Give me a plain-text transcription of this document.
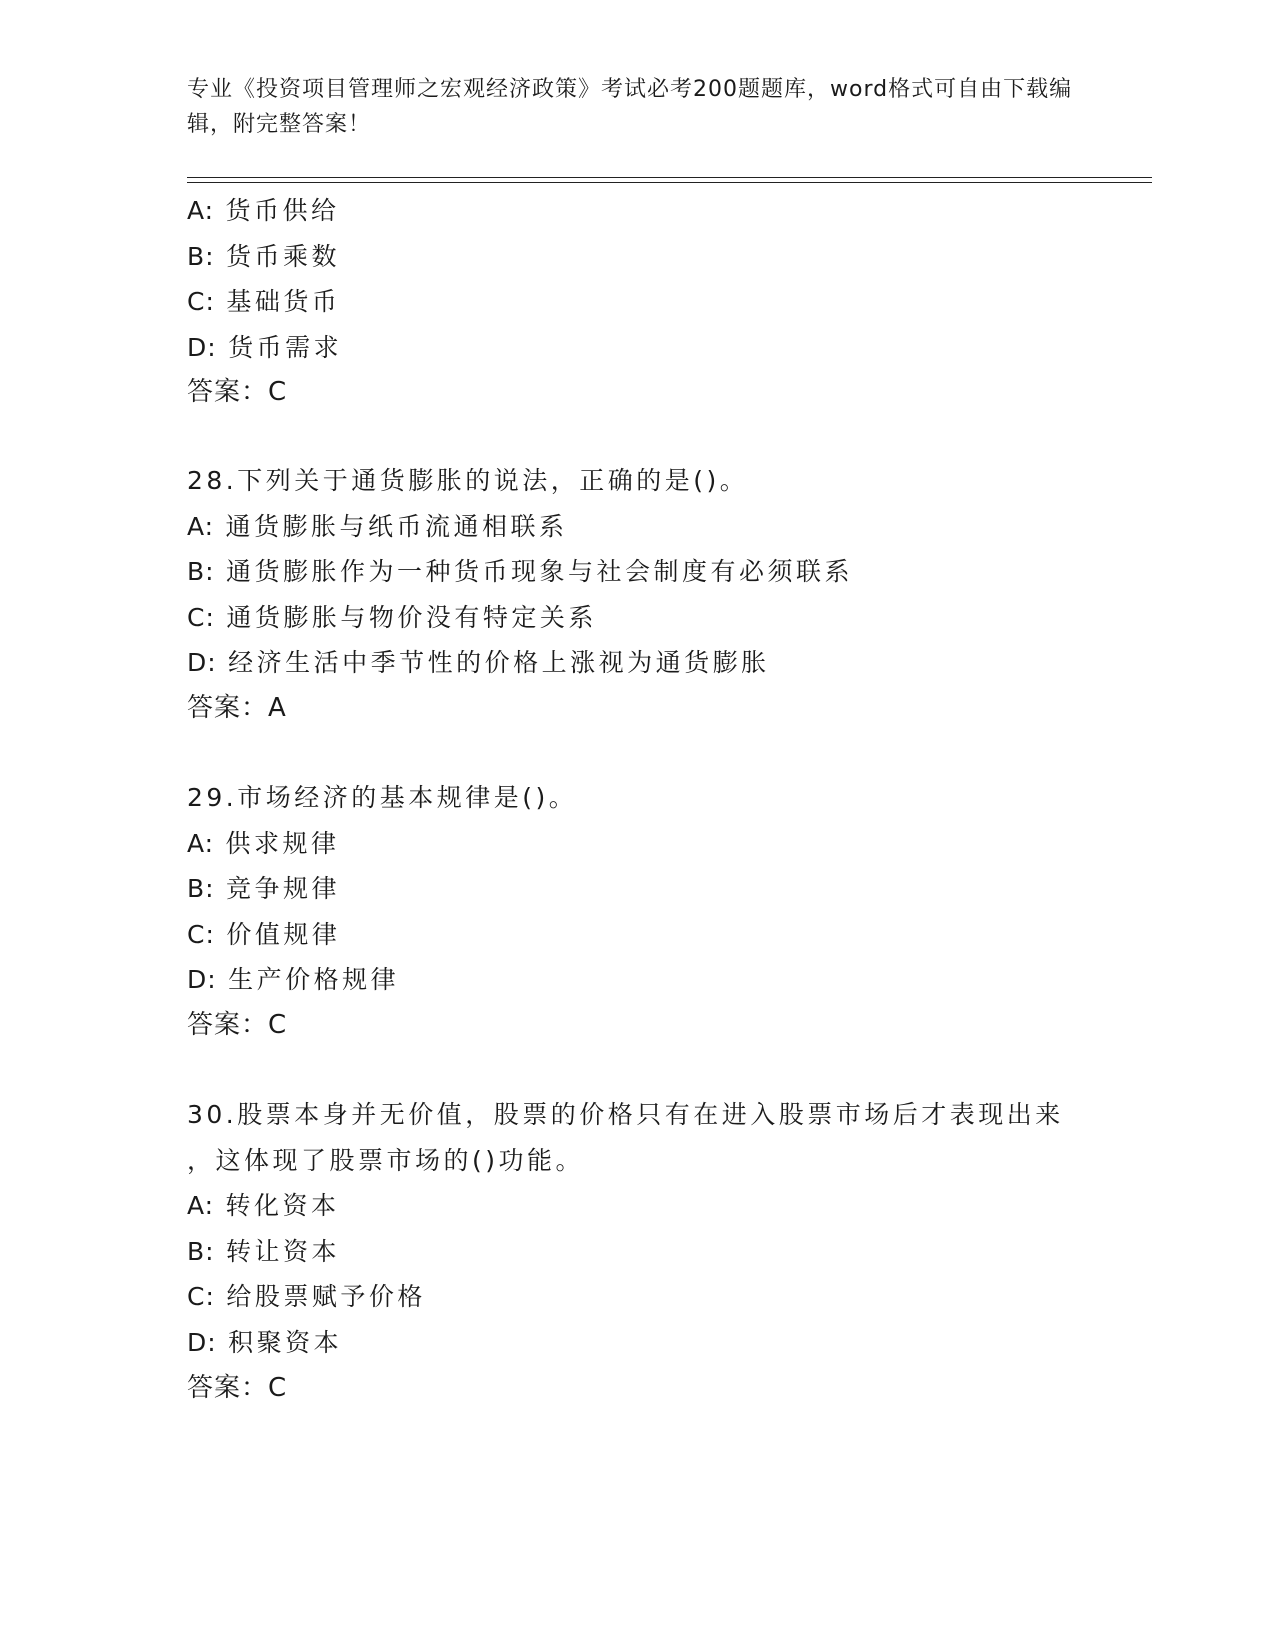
专业《投资项目管理师之宏观经济政策》考试必考200题题库，word格式可自由下载编辑，附完整答案！
A: 货币供给
B: 货币乘数
C: 基础货币
D: 货币需求
答案：C
28.下列关于通货膨胀的说法，正确的是()。
A: 通货膨胀与纸币流通相联系
B: 通货膨胀作为一种货币现象与社会制度有必须联系
C: 通货膨胀与物价没有特定关系
D: 经济生活中季节性的价格上涨视为通货膨胀
答案：A
29.市场经济的基本规律是()。
A: 供求规律
B: 竞争规律
C: 价值规律
D: 生产价格规律
答案：C
30.股票本身并无价值，股票的价格只有在进入股票市场后才表现出来
，这体现了股票市场的()功能。
A: 转化资本
B: 转让资本
C: 给股票赋予价格
D: 积聚资本
答案：C
